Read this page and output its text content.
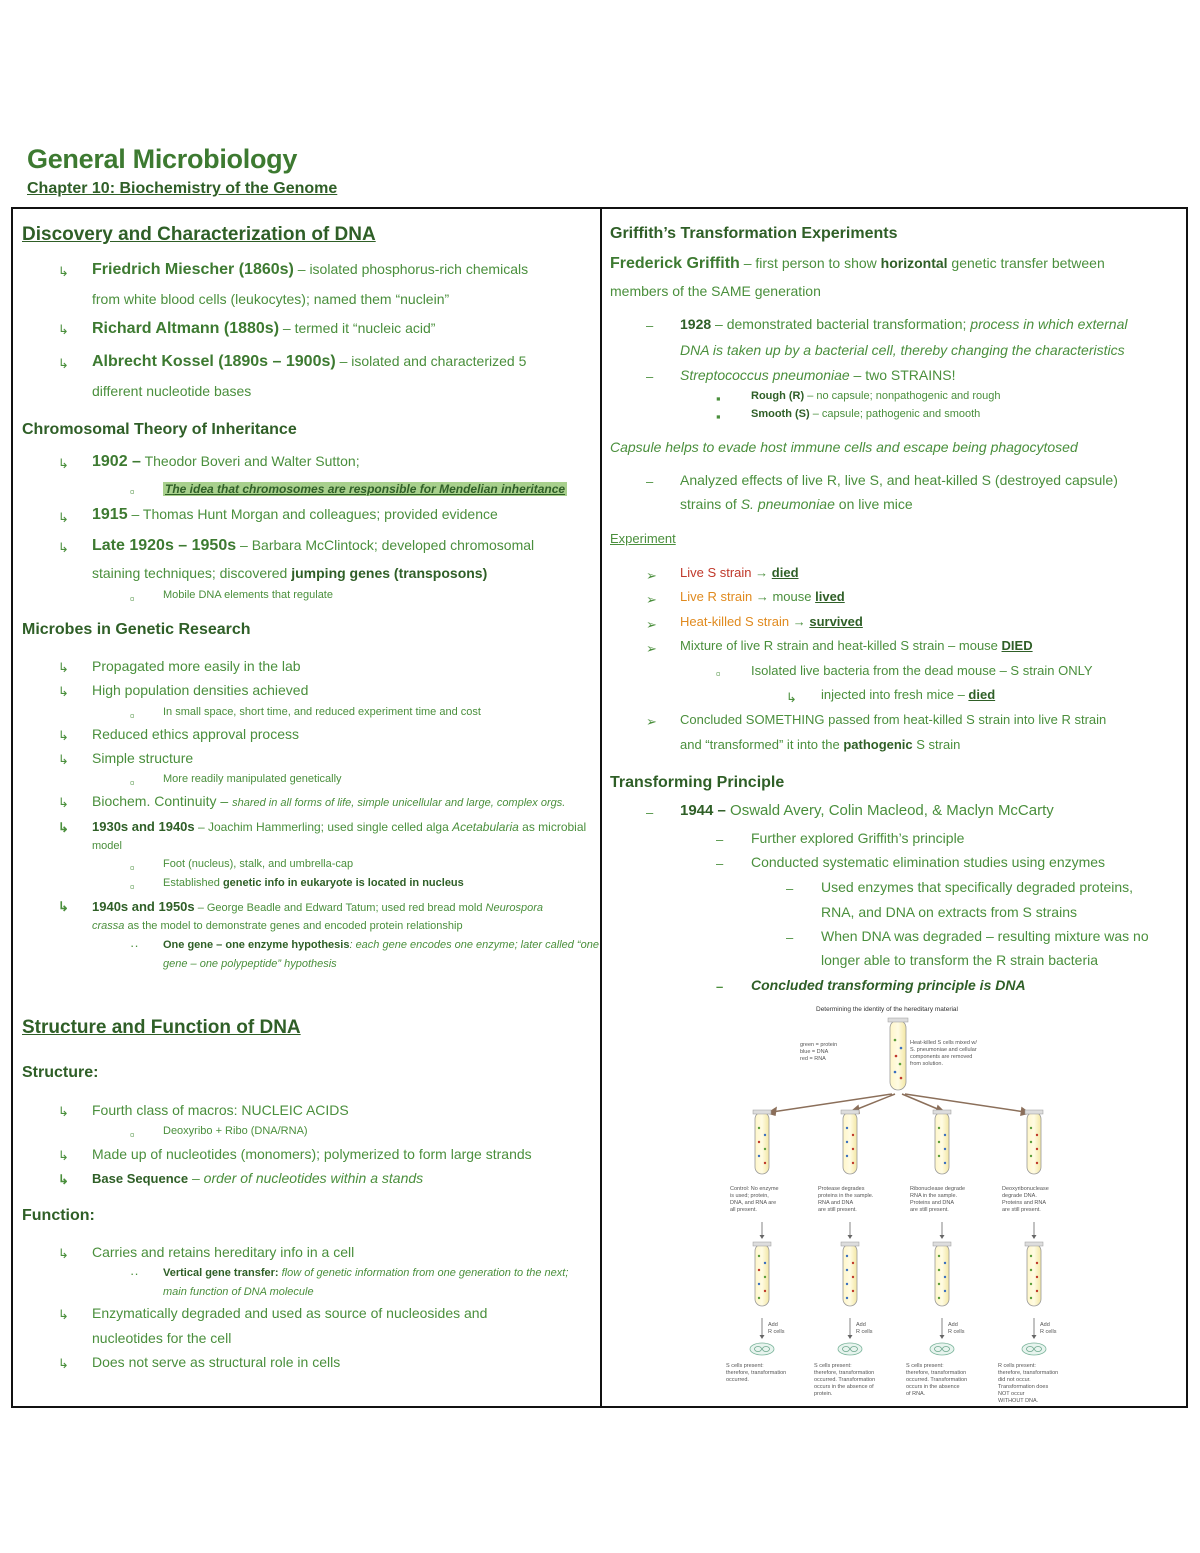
General Microbiology
Chapter 10: Biochemistry of the Genome
Discovery and Characterization of DNA
↳ Friedrich Miescher (1860s) – isolated phosphorus-rich chemicals
from white blood cells (leukocytes); named them “nuclein”
↳ Richard Altmann (1880s) – termed it “nucleic acid”
↳ Albrecht Kossel (1890s – 1900s) – isolated and characterized 5
different nucleotide bases
Chromosomal Theory of Inheritance
↳ 1902 – Theodor Boveri and Walter Sutton;
▫	The idea that chromosomes are responsible for Mendelian inheritance
↳ 1915 – Thomas Hunt Morgan and colleagues; provided evidence
↳ Late 1920s – 1950s – Barbara McClintock; developed chromosomal
staining techniques; discovered jumping genes (transposons)
▫	Mobile DNA elements that regulate
Microbes in Genetic Research
↳ Propagated more easily in the lab
↳ High population densities achieved
▫	In small space, short time, and reduced experiment time and cost
↳ Reduced ethics approval process
↳ Simple structure
▫	More readily manipulated genetically
↳ Biochem. Continuity – shared in all forms of life, simple unicellular and large, complex orgs.
↳ 1930s and 1940s – Joachim Hammerling; used single celled alga Acetabularia as microbial
model
▫	Foot (nucleus), stalk, and umbrella-cap
▫	Established genetic info in eukaryote is located in nucleus
↳ 1940s and 1950s – George Beadle and Edward Tatum; used red bread mold Neurospora
crassa as the model to demonstrate genes and encoded protein relationship
·· One gene – one enzyme hypothesis: each gene encodes one enzyme; later called “one
gene – one polypeptide” hypothesis
Structure and Function of DNA
Structure:
↳ Fourth class of macros: NUCLEIC ACIDS
▫	Deoxyribo + Ribo (DNA/RNA)
↳ Made up of nucleotides (monomers); polymerized to form large strands
↳ Base Sequence – order of nucleotides within a stands
Function:
↳ Carries and retains hereditary info in a cell
·· Vertical gene transfer: flow of genetic information from one generation to the next;
main function of DNA molecule
↳ Enzymatically degraded and used as source of nucleosides and
nucleotides for the cell
↳ Does not serve as structural role in cells
Griffith’s Transformation Experiments
Frederick Griffith – first person to show horizontal genetic transfer between
members of the SAME generation
– 1928 – demonstrated bacterial transformation; process in which external
DNA is taken up by a bacterial cell, thereby changing the characteristics
– Streptococcus pneumoniae – two STRAINS!
▪	Rough (R) – no capsule; nonpathogenic and rough
▪	Smooth (S) – capsule; pathogenic and smooth
Capsule helps to evade host immune cells and escape being phagocytosed
– Analyzed effects of live R, live S, and heat-killed S (destroyed capsule)
strains of S. pneumoniae on live mice
Experiment
➢ Live S strain → died
➢ Live R strain → mouse lived
➢ Heat-killed S strain → survived
➢ Mixture of live R strain and heat-killed S strain – mouse DIED
▫ Isolated live bacteria from the dead mouse – S strain ONLY
↳ injected into fresh mice – died
➢ Concluded SOMETHING passed from heat-killed S strain into live R strain
and “transformed” it into the pathogenic S strain
Transforming Principle
– 1944 – Oswald Avery, Colin Macleod, & Maclyn McCarty
– Further explored Griffith’s principle
– Conducted systematic elimination studies using enzymes
– Used enzymes that specifically degraded proteins,
RNA, and DNA on extracts from S strains
– When DNA was degraded – resulting mixture was no
longer able to transform the R strain bacteria
– Concluded transforming principle is DNA
Determining the identity of the hereditary material
green = protein
blue = DNA
red = RNA
Heat-killed S cells mixed w/
S. pneumoniae and cellular
components are removed
from solution.
Control: No enzyme
is used; protein,
DNA, and RNA are
all present.
Add
R cells
S cells present:
therefore, transformation
occurred.
Protease degrades
proteins in the sample.
RNA and DNA
are still present.
Add
R cells
S cells present:
therefore, transformation
occurred. Transformation
occurs in the absence of
protein.
Ribonuclease degrade
RNA in the sample.
Proteins and DNA
are still present.
Add
R cells
S cells present:
therefore, transformation
occurred. Transformation
occurs in the absence
of RNA.
Deoxyribonuclease
degrade DNA.
Proteins and RNA
are still present.
Add
R cells
R cells present:
therefore, transformation
did not occur.
Transformation does
NOT occur
WITHOUT DNA.
